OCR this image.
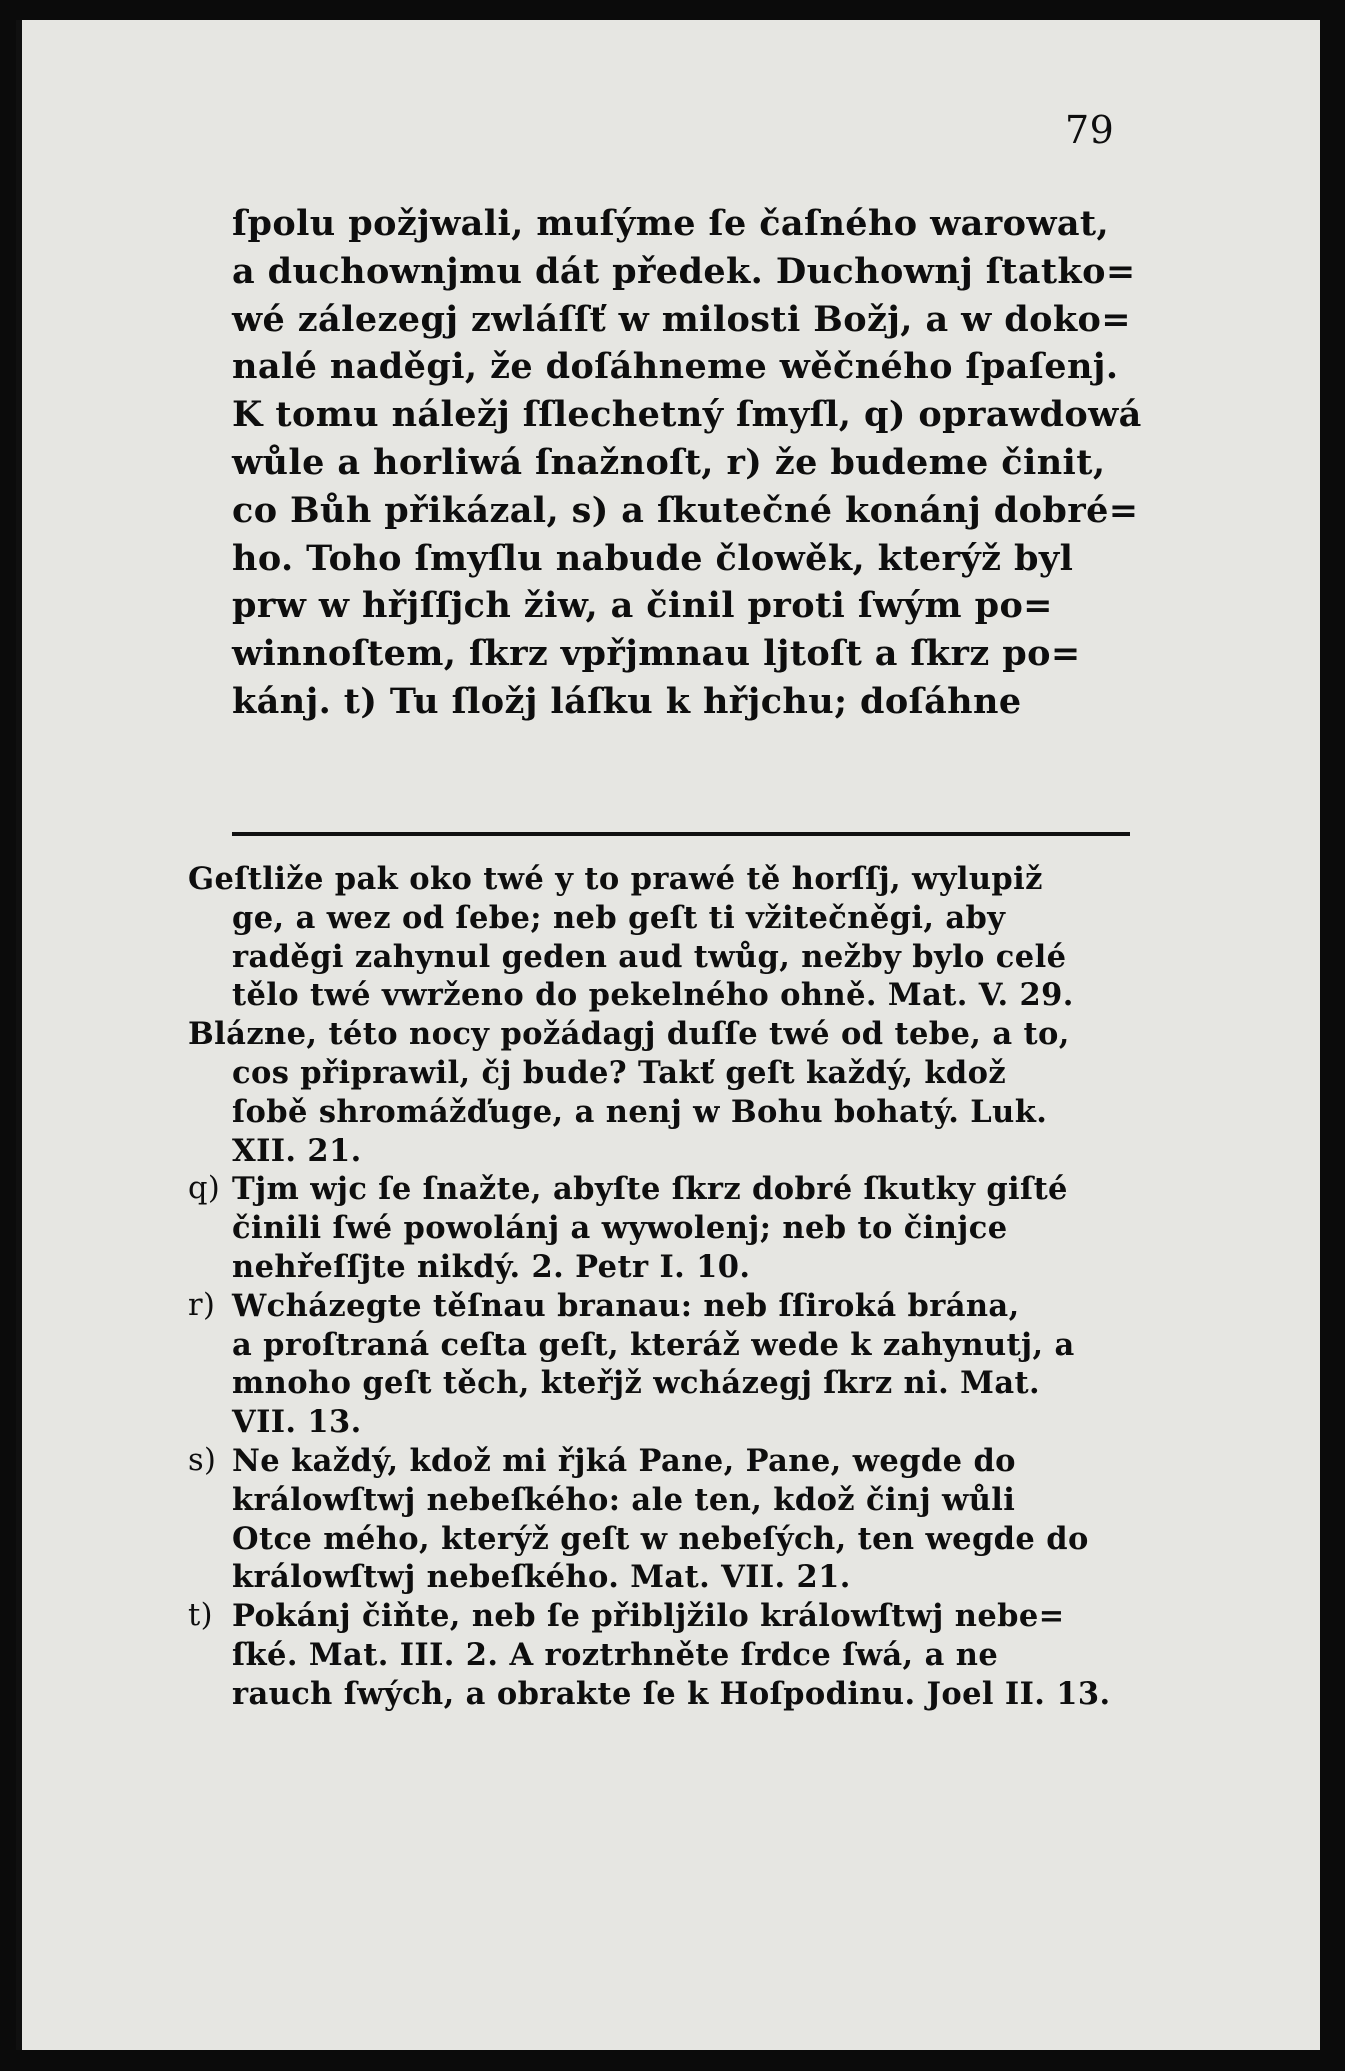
79

ſpolu požjwali, muſýme ſe čaſného warowat,
a duchownjmu dát předek. Duchownj ſtatko=
wé zálezegj zwláſſť w milosti Božj, a w doko=
nalé naděgi, že doſáhneme wěčného ſpaſenj.
K tomu náležj ſſlechetný ſmyſl, q) oprawdowá
wůle a horliwá ſnažnoſt, r) že budeme činit,
co Bůh přikázal, s) a ſkutečné konánj dobré=
ho. Toho ſmyſlu nabude člowěk, kterýž byl
prw w hřjſſjch žiw, a činil proti ſwým po=
winnoſtem, ſkrz vpřjmnau ljtoſt a ſkrz po=
kánj. t) Tu ſložj láſku k hřjchu; doſáhne
Geſtliže pak oko twé y to prawé tě horſſj, wylupiž
ge, a wez od ſebe; neb geſt ti vžitečněgi, aby
raděgi zahynul geden aud twůg, nežby bylo celé
tělo twé vwrženo do pekelného ohně. Mat. V. 29.
Blázne, této nocy požádagj duſſe twé od tebe, a to,
cos připrawil, čj bude? Takť geſt každý, kdož
ſobě shromážďuge, a nenj w Bohu bohatý. Luk.
XII. 21.
q) Tjm wjc ſe ſnažte, abyſte ſkrz dobré ſkutky giſté
činili ſwé powolánj a wywolenj; neb to činjce
nehřeſſjte nikdý. 2. Petr I. 10.
r) Wcházegte těſnau branau: neb ſſiroká brána,
a proſtraná ceſta geſt, kteráž wede k zahynutj, a
mnoho geſt těch, kteřjž wcházegj ſkrz ni. Mat.
VII. 13.
s) Ne každý, kdož mi řjká Pane, Pane, wegde do
králowſtwj nebeſkého: ale ten, kdož činj wůli
Otce mého, kterýž geſt w nebeſých, ten wegde do
králowſtwj nebeſkého. Mat. VII. 21.
t) Pokánj čiňte, neb ſe přibljžilo králowſtwj nebe=
ſké. Mat. III. 2. A roztrhněte ſrdce ſwá, a ne
rauch ſwých, a obrakte ſe k Hoſpodinu. Joel II. 13.
